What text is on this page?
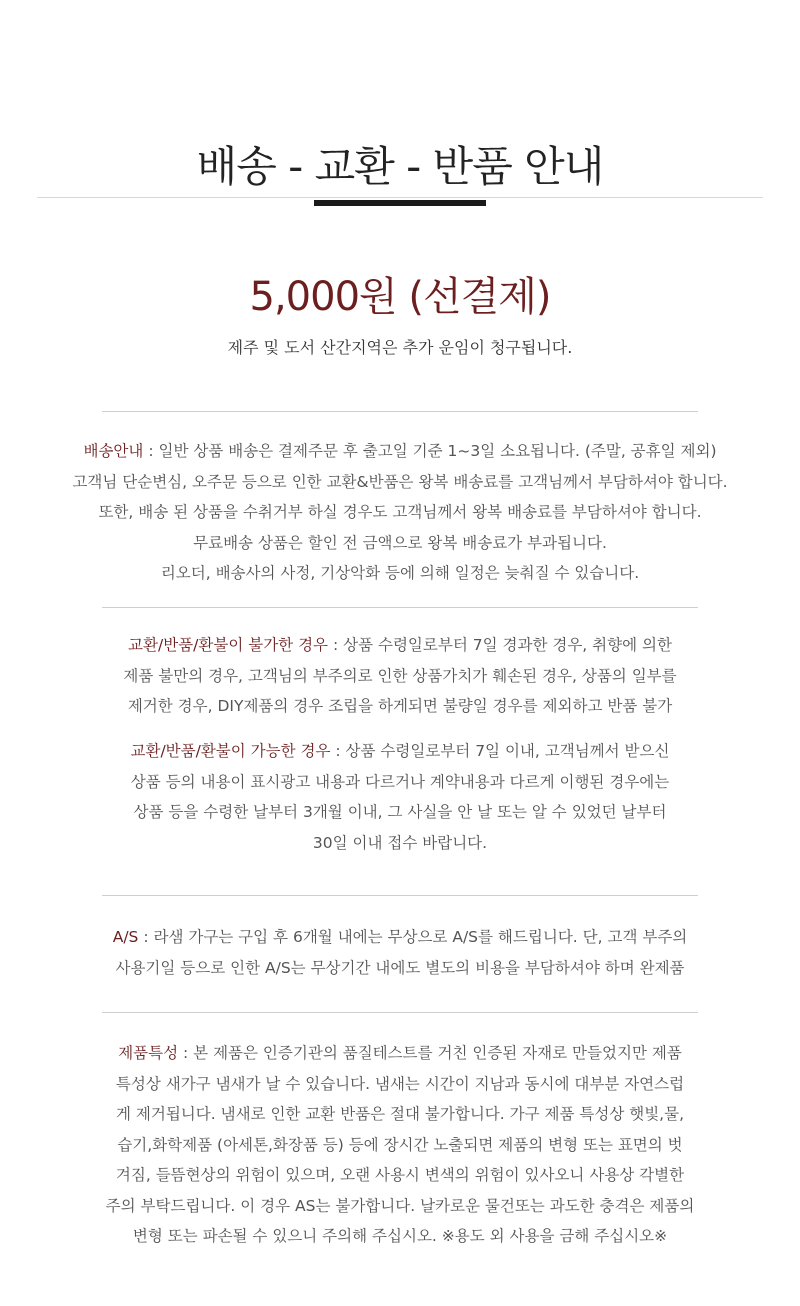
배송 - 교환 - 반품 안내
5,000원 (선결제)
제주 및 도서 산간지역은 추가 운임이 청구됩니다.
배송안내 : 일반 상품 배송은 결제주문 후 출고일 기준 1~3일 소요됩니다. (주말, 공휴일 제외)
고객님 단순변심, 오주문 등으로 인한 교환&반품은 왕복 배송료를 고객님께서 부담하셔야 합니다.
또한, 배송 된 상품을 수취거부 하실 경우도 고객님께서 왕복 배송료를 부담하셔야 합니다.
무료배송 상품은 할인 전 금액으로 왕복 배송료가 부과됩니다.
리오더, 배송사의 사정, 기상악화 등에 의해 일정은 늦춰질 수 있습니다.
교환/반품/환불이 불가한 경우 : 상품 수령일로부터 7일 경과한 경우, 취향에 의한
제품 불만의 경우, 고객님의 부주의로 인한 상품가치가 훼손된 경우, 상품의 일부를
제거한 경우, DIY제품의 경우 조립을 하게되면 불량일 경우를 제외하고 반품 불가
교환/반품/환불이 가능한 경우 : 상품 수령일로부터 7일 이내, 고객님께서 받으신
상품 등의 내용이 표시광고 내용과 다르거나 계약내용과 다르게 이행된 경우에는
상품 등을 수령한 날부터 3개월 이내, 그 사실을 안 날 또는 알 수 있었던 날부터
30일 이내 접수 바랍니다.
A/S : 라샘 가구는 구입 후 6개월 내에는 무상으로 A/S를 해드립니다. 단, 고객 부주의
사용기일 등으로 인한 A/S는 무상기간 내에도 별도의 비용을 부담하셔야 하며 완제품
제품특성 : 본 제품은 인증기관의 품질테스트를 거친 인증된 자재로 만들었지만 제품
특성상 새가구 냄새가 날 수 있습니다. 냄새는 시간이 지남과 동시에 대부분 자연스럽
게 제거됩니다. 냄새로 인한 교환 반품은 절대 불가합니다. 가구 제품 특성상 햇빛,물,
습기,화학제품 (아세톤,화장품 등) 등에 장시간 노출되면 제품의 변형 또는 표면의 벗
겨짐, 들뜸현상의 위험이 있으며, 오랜 사용시 변색의 위험이 있사오니 사용상 각별한
주의 부탁드립니다. 이 경우 AS는 불가합니다. 날카로운 물건또는 과도한 충격은 제품의
변형 또는 파손될 수 있으니 주의해 주십시오. ※용도 외 사용을 금해 주십시오※
